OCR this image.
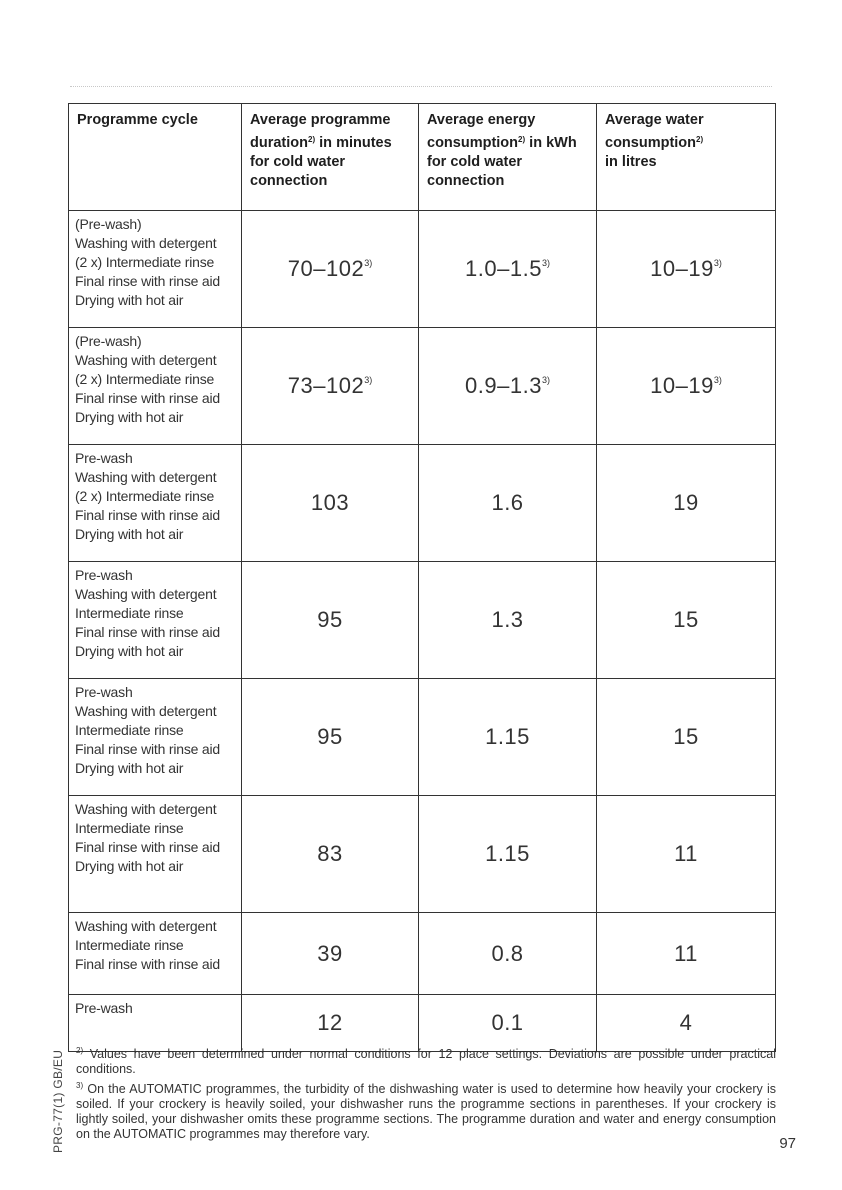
Programme cycle	Average programme
duration$^{2)}$ in minutes
for cold water
connection	Average energy
consumption$^{2)}$ in kWh
for cold water
connection	Average water
consumption$^{2)}$
in litres

(Pre-wash)
Washing with detergent
(2 x) Intermediate rinse
Final rinse with rinse aid
Drying with hot air	70–102$^{3)}$	1.0–1.5$^{3)}$	10–19$^{3)}$

(Pre-wash)
Washing with detergent
(2 x) Intermediate rinse
Final rinse with rinse aid
Drying with hot air	73–102$^{3)}$	0.9–1.3$^{3)}$	10–19$^{3)}$

Pre-wash
Washing with detergent
(2 x) Intermediate rinse
Final rinse with rinse aid
Drying with hot air	103	1.6	19

Pre-wash
Washing with detergent
Intermediate rinse
Final rinse with rinse aid
Drying with hot air	95	1.3	15

Pre-wash
Washing with detergent
Intermediate rinse
Final rinse with rinse aid
Drying with hot air	95	1.15	15

Washing with detergent
Intermediate rinse
Final rinse with rinse aid
Drying with hot air	83	1.15	11

Washing with detergent
Intermediate rinse
Final rinse with rinse aid	39	0.8	11

Pre-wash	12	0.1	4
$^{2)}$ Values have been determined under normal conditions for 12 place settings. Deviations are possible under practical conditions.
$^{3)}$ On the AUTOMATIC programmes, the turbidity of the dishwashing water is used to determine how heavily your crockery is soiled. If your crockery is heavily soiled, your dishwasher runs the programme sections in parentheses. If your crockery is lightly soiled, your dishwasher omits these programme sections. The programme duration and water and energy consumption on the AUTOMATIC programmes may therefore vary.
PRG-77(1) GB/EU	97
